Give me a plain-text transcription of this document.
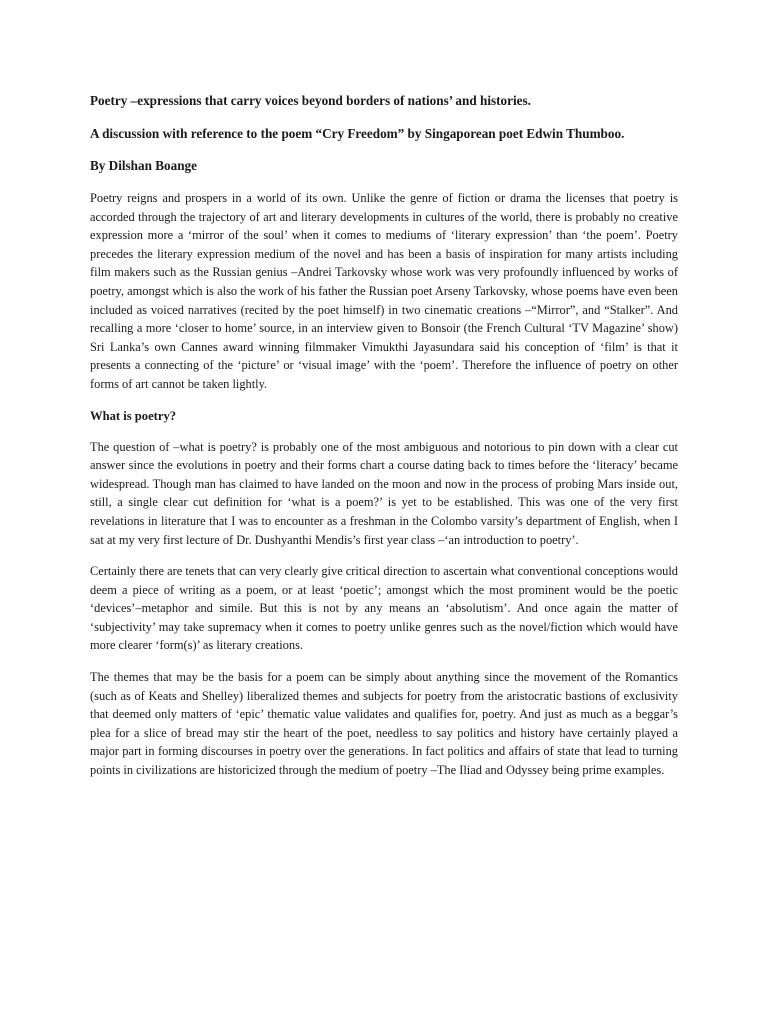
Poetry –expressions that carry voices beyond borders of nations’ and histories.

A discussion with reference to the poem “Cry Freedom” by Singaporean poet Edwin Thumboo.

By Dilshan Boange

Poetry reigns and prospers in a world of its own. Unlike the genre of fiction or drama the licenses that poetry is accorded through the trajectory of art and literary developments in cultures of the world, there is probably no creative expression more a ‘mirror of the soul’ when it comes to mediums of ‘literary expression’ than ‘the poem’. Poetry precedes the literary expression medium of the novel and has been a basis of inspiration for many artists including film makers such as the Russian genius –Andrei Tarkovsky whose work was very profoundly influenced by works of poetry, amongst which is also the work of his father the Russian poet Arseny Tarkovsky, whose poems have even been included as voiced narratives (recited by the poet himself) in two cinematic creations –“Mirror”, and “Stalker”. And recalling a more ‘closer to home’ source, in an interview given to Bonsoir (the French Cultural ‘TV Magazine’ show) Sri Lanka’s own Cannes award winning filmmaker Vimukthi Jayasundara said his conception of ‘film’ is that it presents a connecting of the ‘picture’ or ‘visual image’ with the ‘poem’. Therefore the influence of poetry on other forms of art cannot be taken lightly.

What is poetry?

The question of –what is poetry? is probably one of the most ambiguous and notorious to pin down with a clear cut answer since the evolutions in poetry and their forms chart a course dating back to times before the ‘literacy’ became widespread. Though man has claimed to have landed on the moon and now in the process of probing Mars inside out, still, a single clear cut definition for ‘what is a poem?’ is yet to be established. This was one of the very first revelations in literature that I was to encounter as a freshman in the Colombo varsity’s department of English, when I sat at my very first lecture of Dr. Dushyanthi Mendis’s first year class –‘an introduction to poetry’.

Certainly there are tenets that can very clearly give critical direction to ascertain what conventional conceptions would deem a piece of writing as a poem, or at least ‘poetic’; amongst which the most prominent would be the poetic ‘devices’–metaphor and simile. But this is not by any means an ‘absolutism’. And once again the matter of ‘subjectivity’ may take supremacy when it comes to poetry unlike genres such as the novel/fiction which would have more clearer ‘form(s)’ as literary creations.

The themes that may be the basis for a poem can be simply about anything since the movement of the Romantics (such as of Keats and Shelley) liberalized themes and subjects for poetry from the aristocratic bastions of exclusivity that deemed only matters of ‘epic’ thematic value validates and qualifies for, poetry. And just as much as a beggar’s plea for a slice of bread may stir the heart of the poet, needless to say politics and history have certainly played a major part in forming discourses in poetry over the generations. In fact politics and affairs of state that lead to turning points in civilizations are historicized through the medium of poetry –The Iliad and Odyssey being prime examples.
